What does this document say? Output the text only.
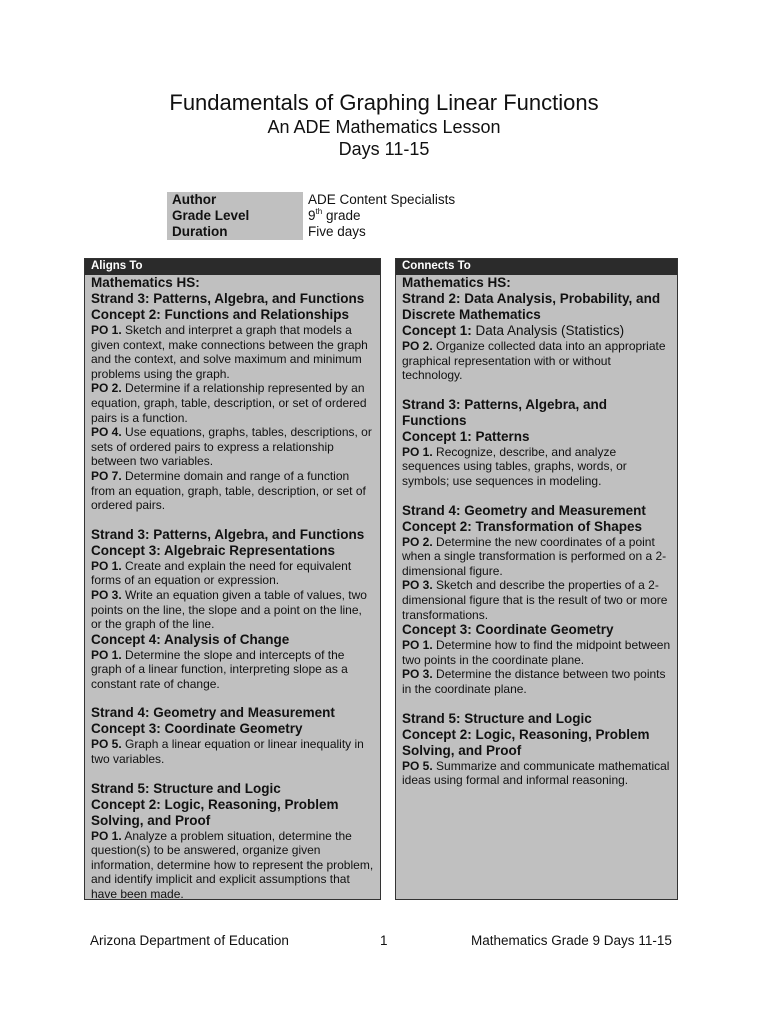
Fundamentals of Graphing Linear Functions
An ADE Mathematics Lesson
Days 11-15
Author	ADE Content Specialists
Grade Level	9th grade
Duration	Five days
Aligns To
Mathematics HS:
Strand 3: Patterns, Algebra, and Functions
Concept 2: Functions and Relationships
PO 1. Sketch and interpret a graph that models a given context, make connections between the graph and the context, and solve maximum and minimum problems using the graph.
PO 2. Determine if a relationship represented by an equation, graph, table, description, or set of ordered pairs is a function.
PO 4. Use equations, graphs, tables, descriptions, or sets of ordered pairs to express a relationship between two variables.
PO 7. Determine domain and range of a function from an equation, graph, table, description, or set of ordered pairs.
Strand 3: Patterns, Algebra, and Functions
Concept 3: Algebraic Representations
PO 1. Create and explain the need for equivalent forms of an equation or expression.
PO 3. Write an equation given a table of values, two points on the line, the slope and a point on the line, or the graph of the line.
Concept 4: Analysis of Change
PO 1. Determine the slope and intercepts of the graph of a linear function, interpreting slope as a constant rate of change.
Strand 4: Geometry and Measurement
Concept 3: Coordinate Geometry
PO 5. Graph a linear equation or linear inequality in two variables.
Strand 5: Structure and Logic
Concept 2: Logic, Reasoning, Problem Solving, and Proof
PO 1. Analyze a problem situation, determine the question(s) to be answered, organize given information, determine how to represent the problem, and identify implicit and explicit assumptions that have been made.
Connects To
Mathematics HS:
Strand 2: Data Analysis, Probability, and Discrete Mathematics
Concept 1: Data Analysis (Statistics)
PO 2. Organize collected data into an appropriate graphical representation with or without technology.
Strand 3: Patterns, Algebra, and Functions
Concept 1: Patterns
PO 1. Recognize, describe, and analyze sequences using tables, graphs, words, or symbols; use sequences in modeling.
Strand 4: Geometry and Measurement
Concept 2: Transformation of Shapes
PO 2. Determine the new coordinates of a point when a single transformation is performed on a 2-dimensional figure.
PO 3. Sketch and describe the properties of a 2-dimensional figure that is the result of two or more transformations.
Concept 3: Coordinate Geometry
PO 1. Determine how to find the midpoint between two points in the coordinate plane.
PO 3. Determine the distance between two points in the coordinate plane.
Strand 5: Structure and Logic
Concept 2: Logic, Reasoning, Problem Solving, and Proof
PO 5. Summarize and communicate mathematical ideas using formal and informal reasoning.
Arizona Department of Education	1	Mathematics Grade 9 Days 11-15
